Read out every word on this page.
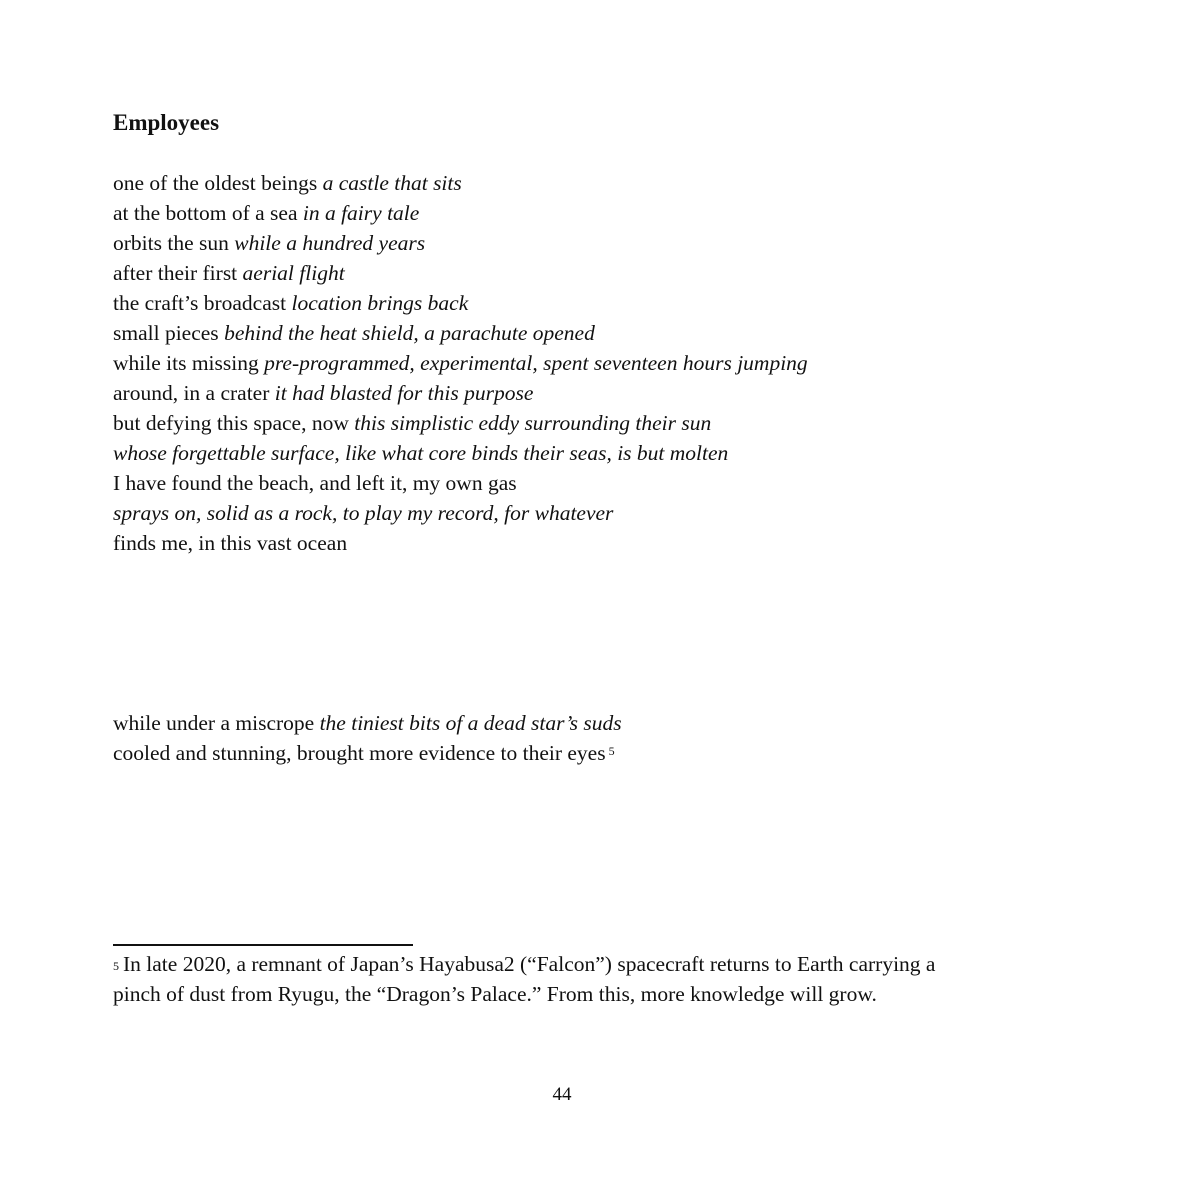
Employees
one of the oldest beings a castle that sits
at the bottom of a sea in a fairy tale
orbits the sun while a hundred years
after their first aerial flight
the craft’s broadcast location brings back
small pieces behind the heat shield, a parachute opened
while its missing pre-programmed, experimental, spent seventeen hours jumping
around, in a crater it had blasted for this purpose
but defying this space, now this simplistic eddy surrounding their sun
whose forgettable surface, like what core binds their seas, is but molten
I have found the beach, and left it, my own gas
sprays on, solid as a rock, to play my record, for whatever
finds me, in this vast ocean
while under a miscrope the tiniest bits of a dead star’s suds
cooled and stunning, brought more evidence to their eyes $^5$
$^5$ In late 2020, a remnant of Japan’s Hayabusa2 (“Falcon”) spacecraft returns to Earth carrying a
pinch of dust from Ryugu, the “Dragon’s Palace.” From this, more knowledge will grow.
44
